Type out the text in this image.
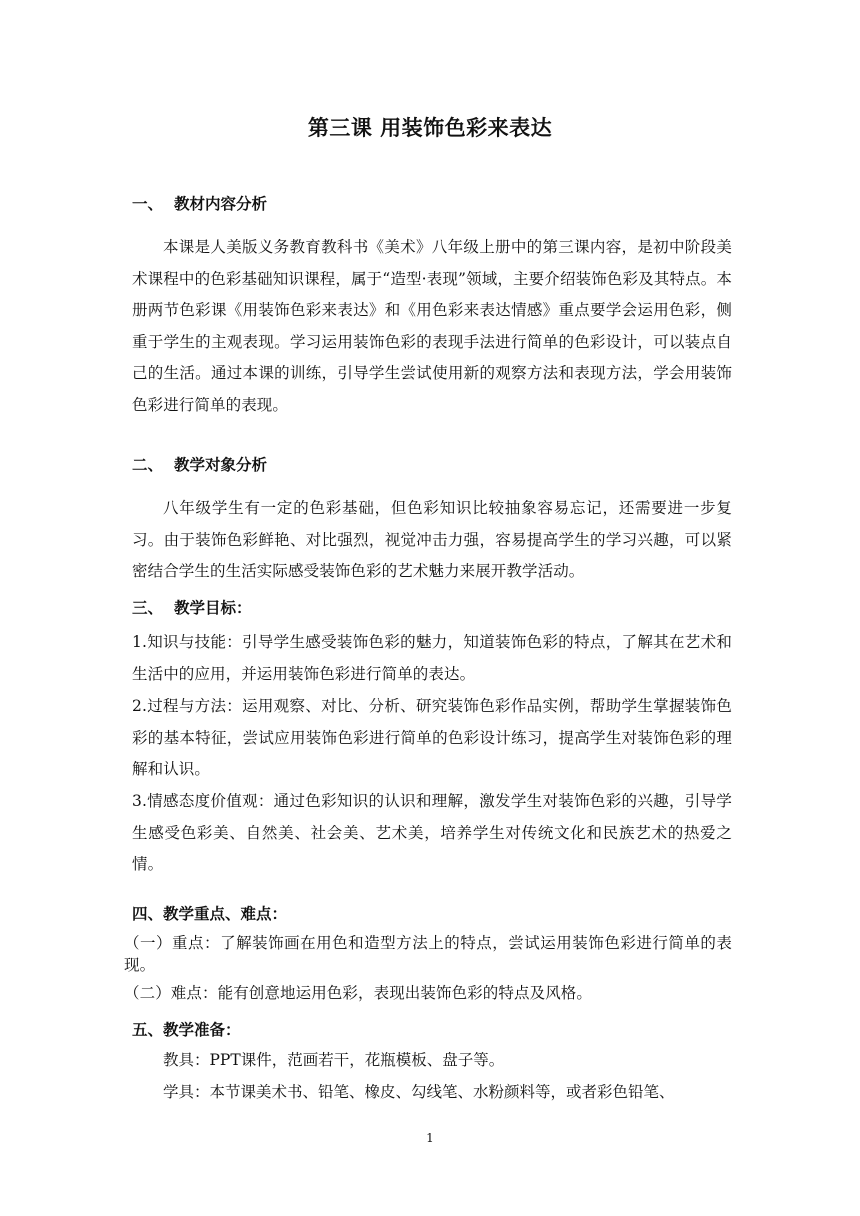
第三课 用装饰色彩来表达
一、 教材内容分析
本课是人美版义务教育教科书《美术》八年级上册中的第三课内容，是初中阶段美术课程中的色彩基础知识课程，属于“造型·表现”领域，主要介绍装饰色彩及其特点。本册两节色彩课《用装饰色彩来表达》和《用色彩来表达情感》重点要学会运用色彩，侧重于学生的主观表现。学习运用装饰色彩的表现手法进行简单的色彩设计，可以装点自己的生活。通过本课的训练，引导学生尝试使用新的观察方法和表现方法，学会用装饰色彩进行简单的表现。
二、 教学对象分析
八年级学生有一定的色彩基础，但色彩知识比较抽象容易忘记，还需要进一步复习。由于装饰色彩鲜艳、对比强烈，视觉冲击力强，容易提高学生的学习兴趣，可以紧密结合学生的生活实际感受装饰色彩的艺术魅力来展开教学活动。
三、 教学目标：
1.知识与技能：引导学生感受装饰色彩的魅力，知道装饰色彩的特点，了解其在艺术和生活中的应用，并运用装饰色彩进行简单的表达。
2.过程与方法：运用观察、对比、分析、研究装饰色彩作品实例，帮助学生掌握装饰色彩的基本特征，尝试应用装饰色彩进行简单的色彩设计练习，提高学生对装饰色彩的理解和认识。
3.情感态度价值观：通过色彩知识的认识和理解，激发学生对装饰色彩的兴趣，引导学生感受色彩美、自然美、社会美、艺术美，培养学生对传统文化和民族艺术的热爱之情。
四、教学重点、难点：
（一）重点：了解装饰画在用色和造型方法上的特点，尝试运用装饰色彩进行简单的表现。
（二）难点：能有创意地运用色彩，表现出装饰色彩的特点及风格。
五、教学准备：
教具：PPT课件，范画若干，花瓶模板、盘子等。
学具：本节课美术书、铅笔、橡皮、勾线笔、水粉颜料等，或者彩色铅笔、
1
